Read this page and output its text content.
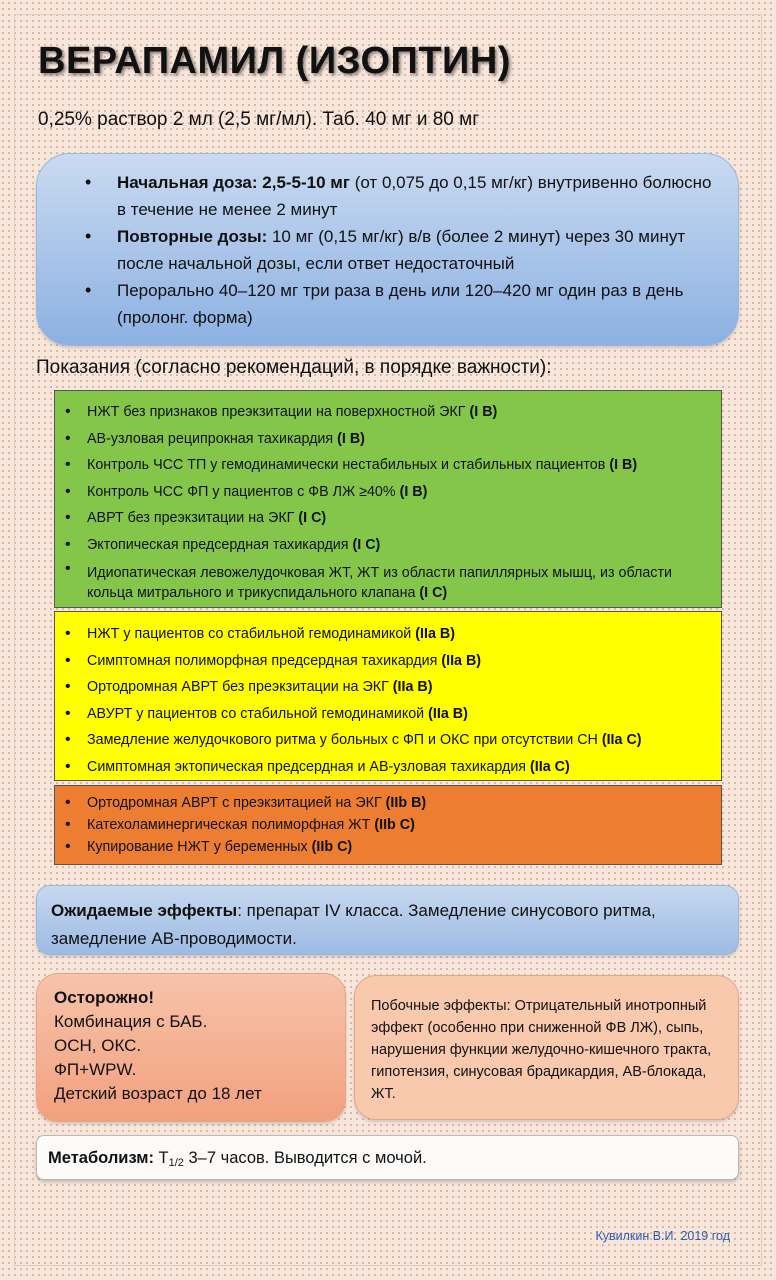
ВЕРАПАМИЛ (ИЗОПТИН)
0,25% раствор 2 мл (2,5 мг/мл). Таб. 40 мг и 80 мг
• Начальная доза: 2,5-5-10 мг (от 0,075 до 0,15 мг/кг) внутривенно болюсно в течение не менее 2 минут
• Повторные дозы: 10 мг (0,15 мг/кг) в/в (более 2 минут) через 30 минут после начальной дозы, если ответ недостаточный
• Перорально 40–120 мг три раза в день или 120–420 мг один раз в день (пролонг. форма)
Показания (согласно рекомендаций, в порядке важности):
• НЖТ без признаков преэкзитации на поверхностной ЭКГ (I B)
• АВ-узловая реципрокная тахикардия (I B)
• Контроль ЧСС ТП у гемодинамически нестабильных и стабильных пациентов (I B)
• Контроль ЧСС ФП у пациентов с ФВ ЛЖ ≥40% (I B)
• АВРТ без преэкзитации на ЭКГ (I C)
• Эктопическая предсердная тахикардия (I C)
• Идиопатическая левожелудочковая ЖТ, ЖТ из области папиллярных мышц, из области кольца митрального и трикуспидального клапана (I C)
• НЖТ у пациентов со стабильной гемодинамикой (IIa B)
• Симптомная полиморфная предсердная тахикардия (IIa B)
• Ортодромная АВРТ без преэкзитации на ЭКГ (IIa B)
• АВУРТ у пациентов со стабильной гемодинамикой (IIa B)
• Замедление желудочкового ритма у больных с ФП и ОКС при отсутствии СН (IIa C)
• Симптомная эктопическая предсердная и АВ-узловая тахикардия (IIa C)
• Ортодромная АВРТ с преэкзитацией на ЭКГ (IIb B)
• Катехоламинергическая полиморфная ЖТ (IIb C)
• Купирование НЖТ у беременных (IIb C)
Ожидаемые эффекты: препарат IV класса. Замедление синусового ритма, замедление АВ-проводимости.
Осторожно!
Комбинация с БАБ.
ОСН, ОКС.
ФП+WPW.
Детский возраст до 18 лет
Побочные эффекты: Отрицательный инотропный эффект (особенно при сниженной ФВ ЛЖ), сыпь, нарушения функции желудочно-кишечного тракта, гипотензия, синусовая брадикардия, АВ-блокада, ЖТ.
Метаболизм: $T_{1/2}$ 3–7 часов. Выводится с мочой.
Кувилкин В.И. 2019 год
